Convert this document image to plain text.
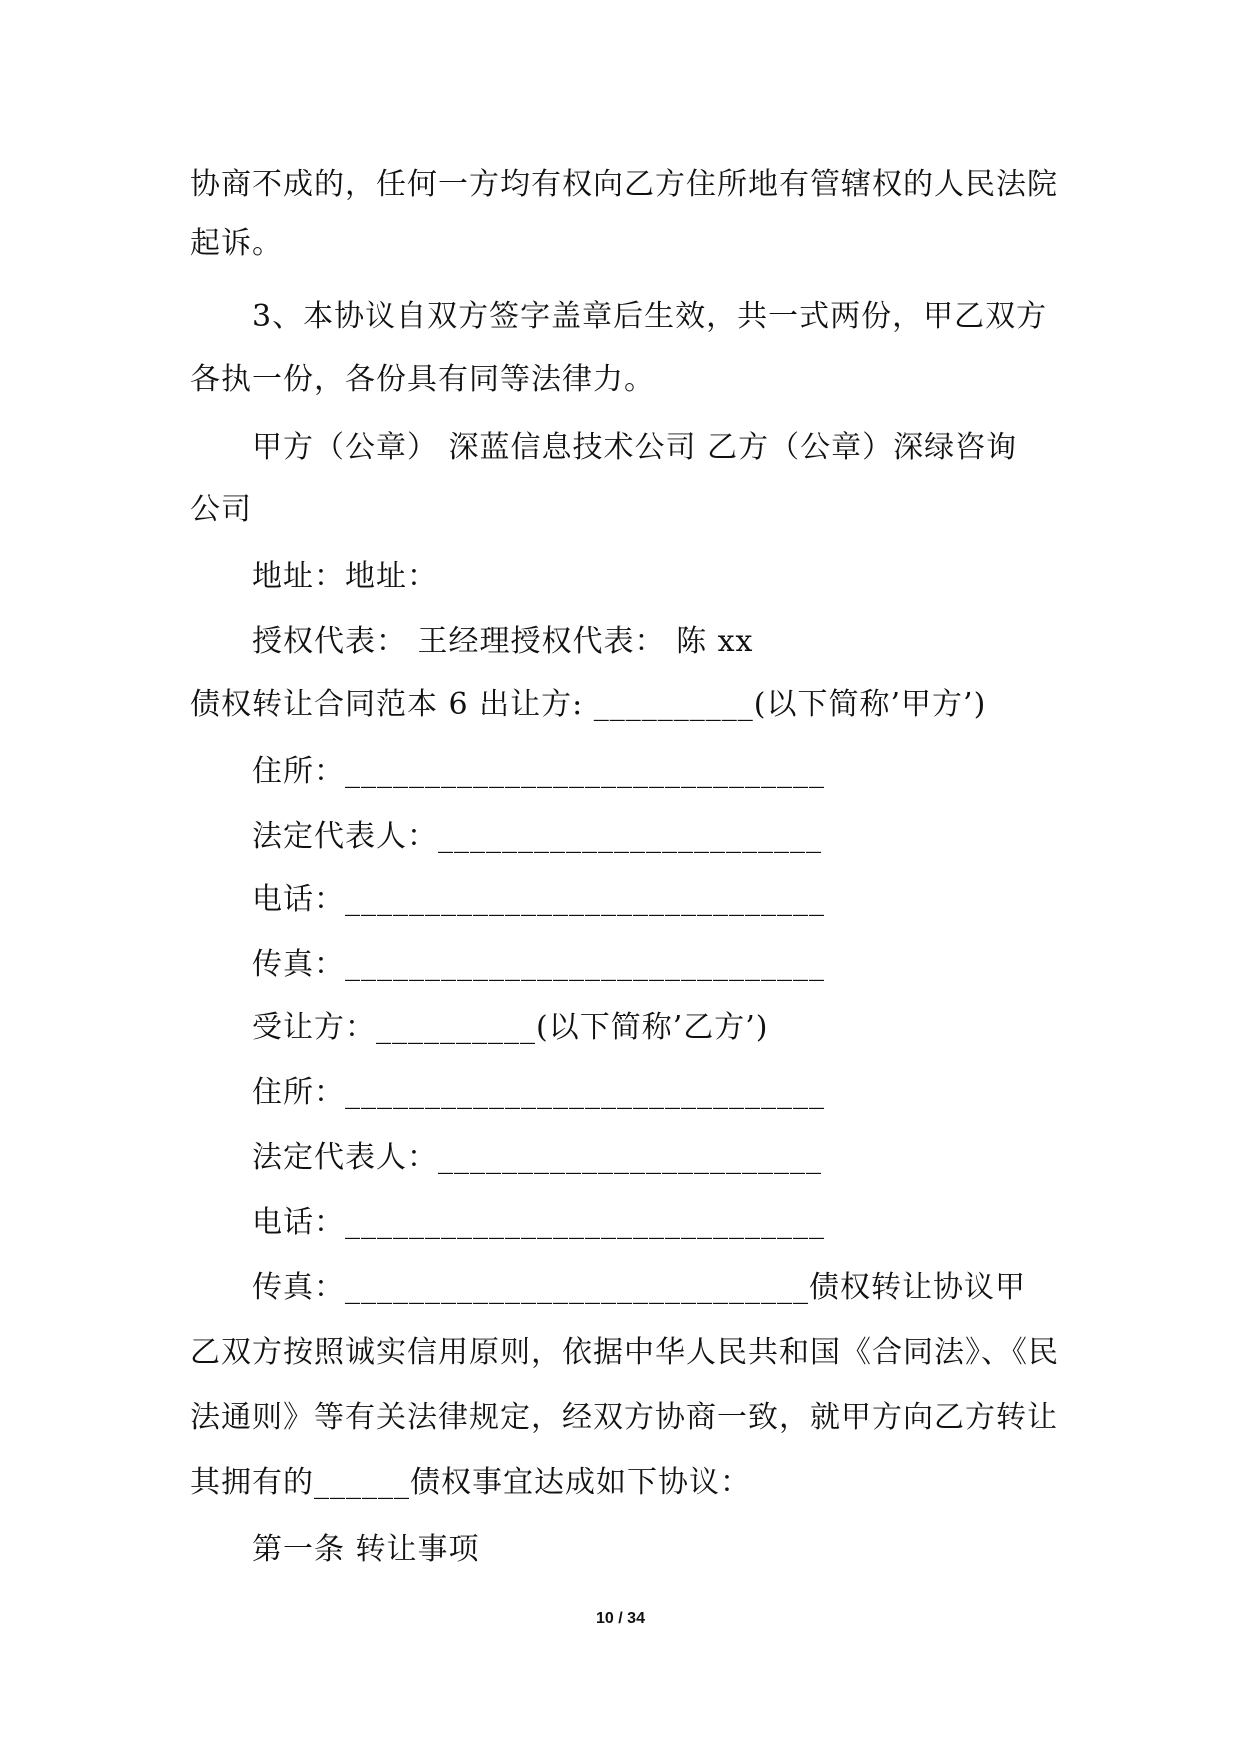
协商不成的，任何一方均有权向乙方住所地有管辖权的人民法院
起诉。
3、本协议自双方签字盖章后生效，共一式两份，甲乙双方
各执一份，各份具有同等法律力。
甲方（公章） 深蓝信息技术公司 乙方（公章）深绿咨询
公司
地址：地址：
授权代表： 王经理授权代表： 陈 xx
债权转让合同范本 6 出让方: __________(以下简称’甲方’)
住所：______________________________
法定代表人：________________________
电话：______________________________
传真：______________________________
受让方：__________(以下简称’乙方’)
住所：______________________________
法定代表人：________________________
电话：______________________________
传真：_____________________________债权转让协议甲
乙双方按照诚实信用原则，依据中华人民共和国《合同法》、《民
法通则》等有关法律规定，经双方协商一致，就甲方向乙方转让
其拥有的______债权事宜达成如下协议：
第一条 转让事项
10 / 34
